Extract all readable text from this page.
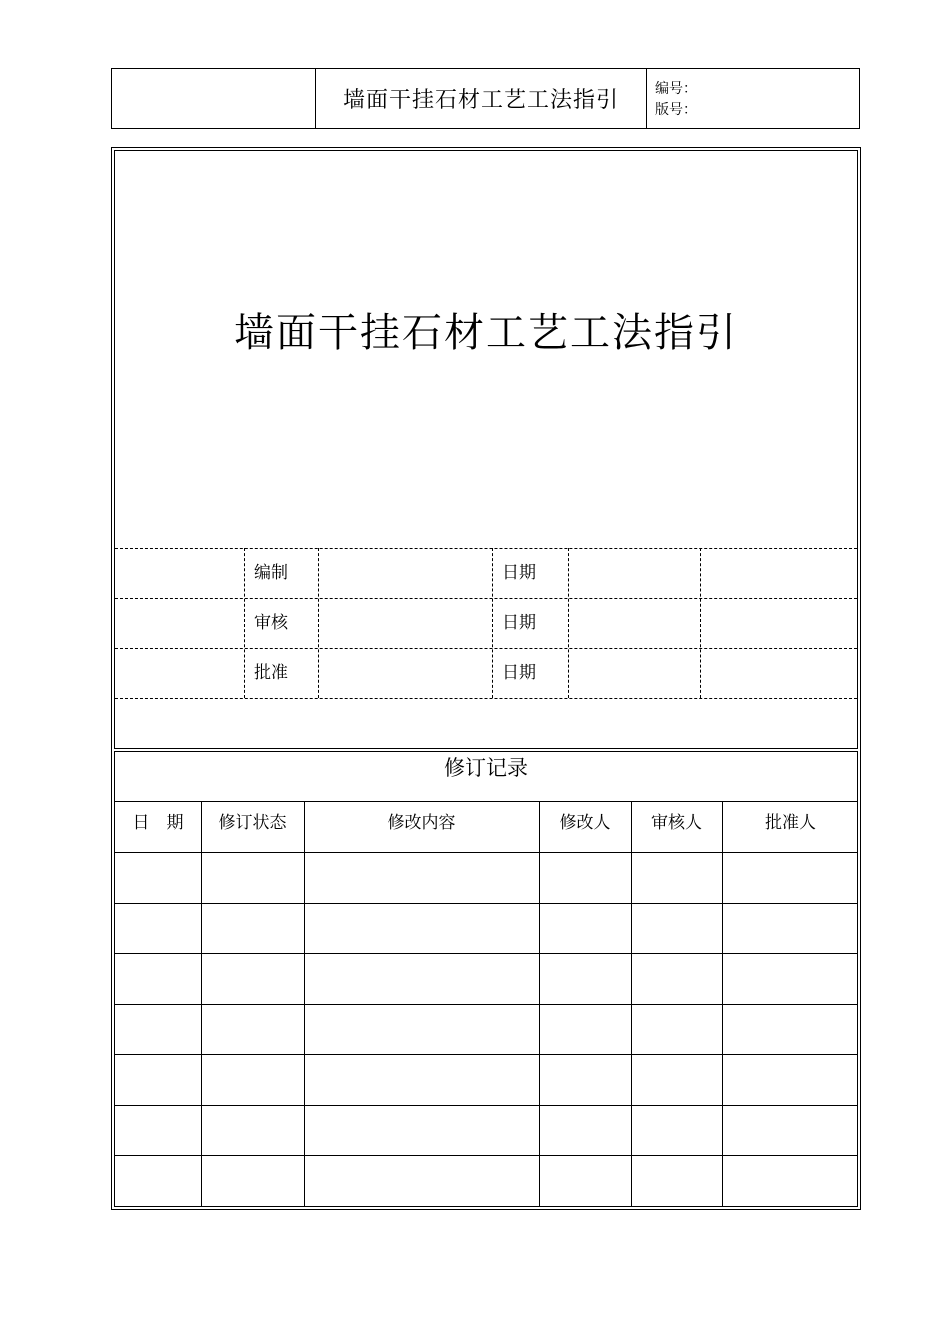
墙面干挂石材工艺工法指引	编号：
版号：
墙面干挂石材工艺工法指引
编制	日期
审核	日期
批准	日期
修订记录
日　期	修订状态	修改内容	修改人	审核人	批准人
